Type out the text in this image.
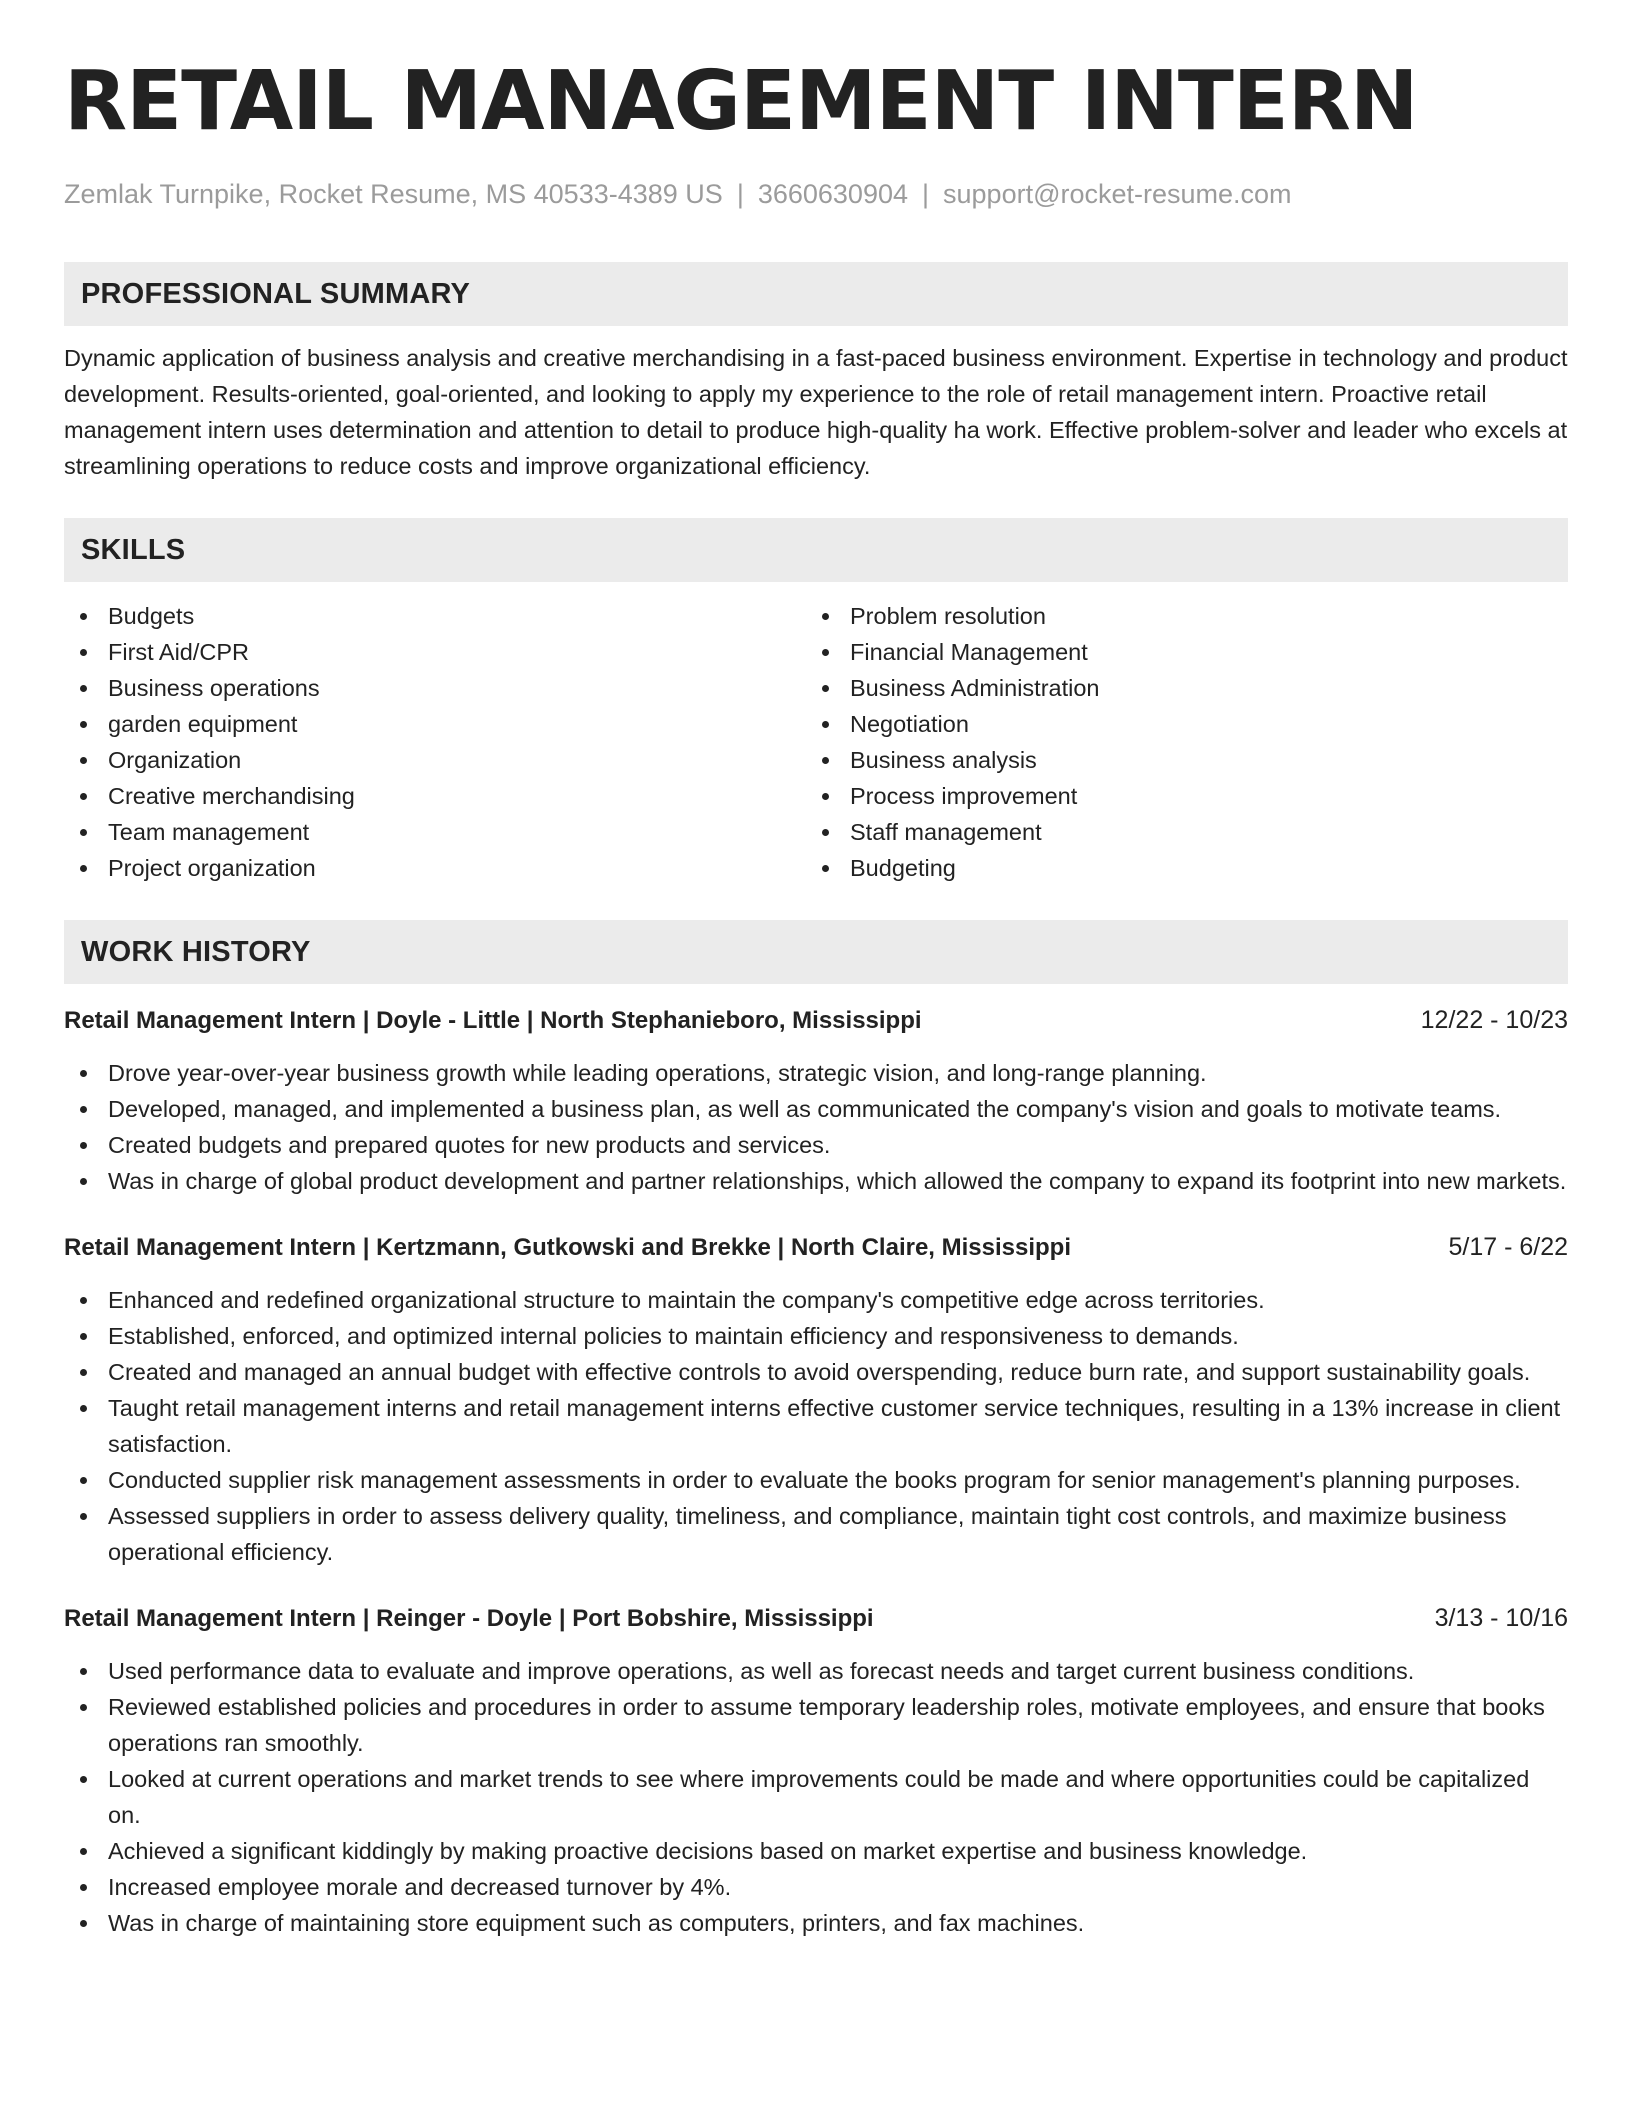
RETAIL MANAGEMENT INTERN
Zemlak Turnpike, Rocket Resume, MS 40533-4389 US | 3660630904 | support@rocket-resume.com
PROFESSIONAL SUMMARY
Dynamic application of business analysis and creative merchandising in a fast-paced business environment. Expertise in technology and product development. Results-oriented, goal-oriented, and looking to apply my experience to the role of retail management intern. Proactive retail management intern uses determination and attention to detail to produce high-quality ha work. Effective problem-solver and leader who excels at streamlining operations to reduce costs and improve organizational efficiency.
SKILLS
Budgets
First Aid/CPR
Business operations
garden equipment
Organization
Creative merchandising
Team management
Project organization
Problem resolution
Financial Management
Business Administration
Negotiation
Business analysis
Process improvement
Staff management
Budgeting
WORK HISTORY
Retail Management Intern | Doyle - Little | North Stephanieboro, Mississippi	12/22 - 10/23
Drove year-over-year business growth while leading operations, strategic vision, and long-range planning.
Developed, managed, and implemented a business plan, as well as communicated the company's vision and goals to motivate teams.
Created budgets and prepared quotes for new products and services.
Was in charge of global product development and partner relationships, which allowed the company to expand its footprint into new markets.
Retail Management Intern | Kertzmann, Gutkowski and Brekke | North Claire, Mississippi	5/17 - 6/22
Enhanced and redefined organizational structure to maintain the company's competitive edge across territories.
Established, enforced, and optimized internal policies to maintain efficiency and responsiveness to demands.
Created and managed an annual budget with effective controls to avoid overspending, reduce burn rate, and support sustainability goals.
Taught retail management interns and retail management interns effective customer service techniques, resulting in a 13% increase in client satisfaction.
Conducted supplier risk management assessments in order to evaluate the books program for senior management's planning purposes.
Assessed suppliers in order to assess delivery quality, timeliness, and compliance, maintain tight cost controls, and maximize business operational efficiency.
Retail Management Intern | Reinger - Doyle | Port Bobshire, Mississippi	3/13 - 10/16
Used performance data to evaluate and improve operations, as well as forecast needs and target current business conditions.
Reviewed established policies and procedures in order to assume temporary leadership roles, motivate employees, and ensure that books operations ran smoothly.
Looked at current operations and market trends to see where improvements could be made and where opportunities could be capitalized on.
Achieved a significant kiddingly by making proactive decisions based on market expertise and business knowledge.
Increased employee morale and decreased turnover by 4%.
Was in charge of maintaining store equipment such as computers, printers, and fax machines.
